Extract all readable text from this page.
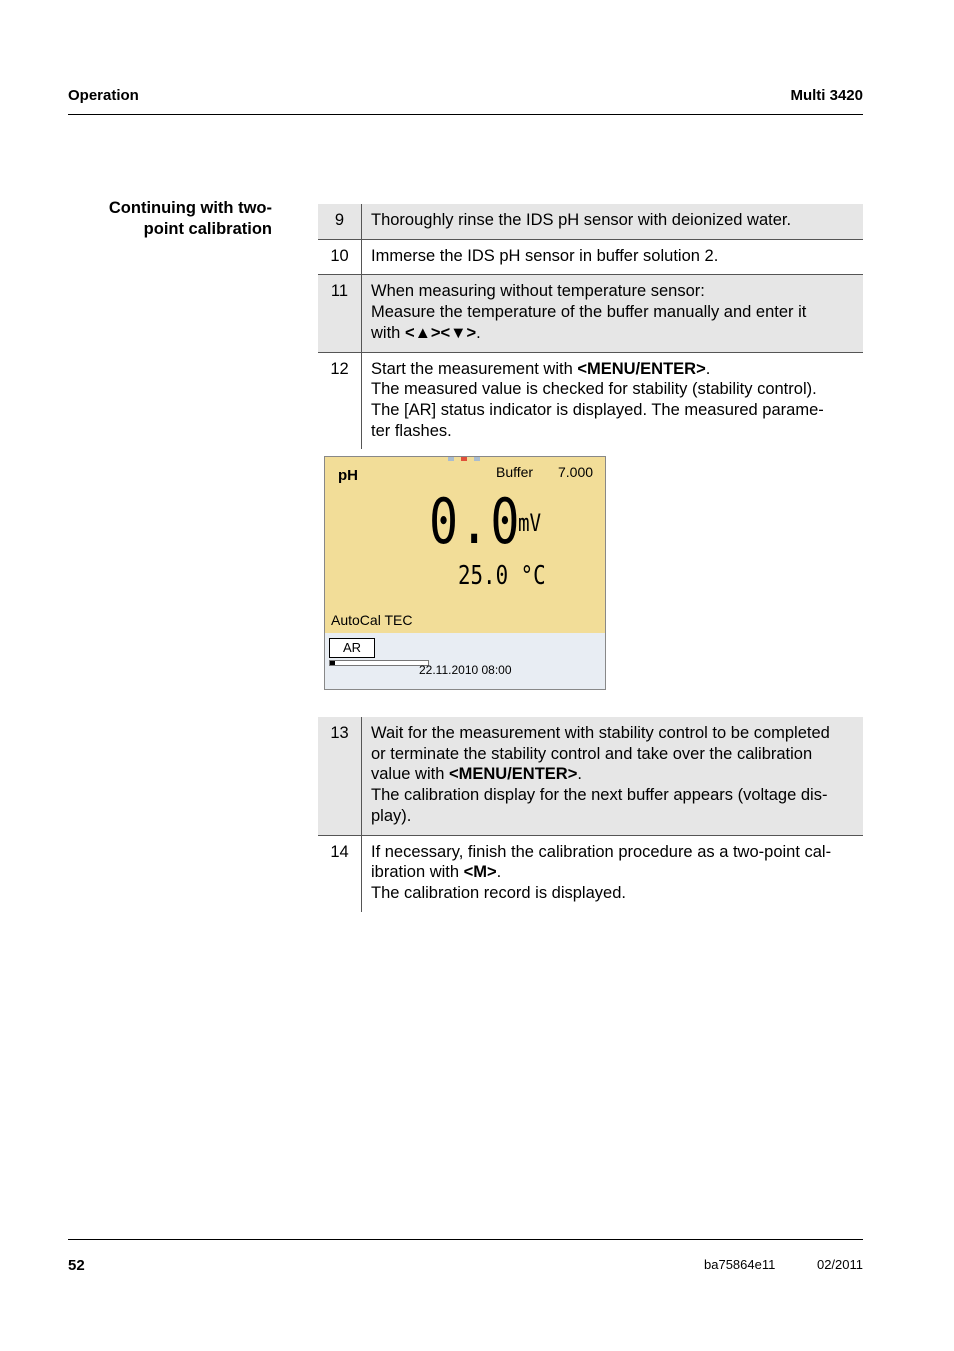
Operation	Multi 3420
Continuing with two-
point calibration	9	Thoroughly rinse the IDS pH sensor with deionized water.
10	Immerse the IDS pH sensor in buffer solution 2.
11	When measuring without temperature sensor:
Measure the temperature of the buffer manually and enter it
with <▲><▼>.
12	Start the measurement with <MENU/ENTER>.
The measured value is checked for stability (stability control).
The [AR] status indicator is displayed. The measured parame-
ter flashes.
pH	Buffer 7.000
0.0
mV
25.0 °C
AutoCal TEC
AR
22.11.2010 08:00
13	Wait for the measurement with stability control to be completed
or terminate the stability control and take over the calibration
value with <MENU/ENTER>.
The calibration display for the next buffer appears (voltage dis-
play).
14	If necessary, finish the calibration procedure as a two-point cal-
ibration with <M>.
The calibration record is displayed.
52	ba75864e11	02/2011
